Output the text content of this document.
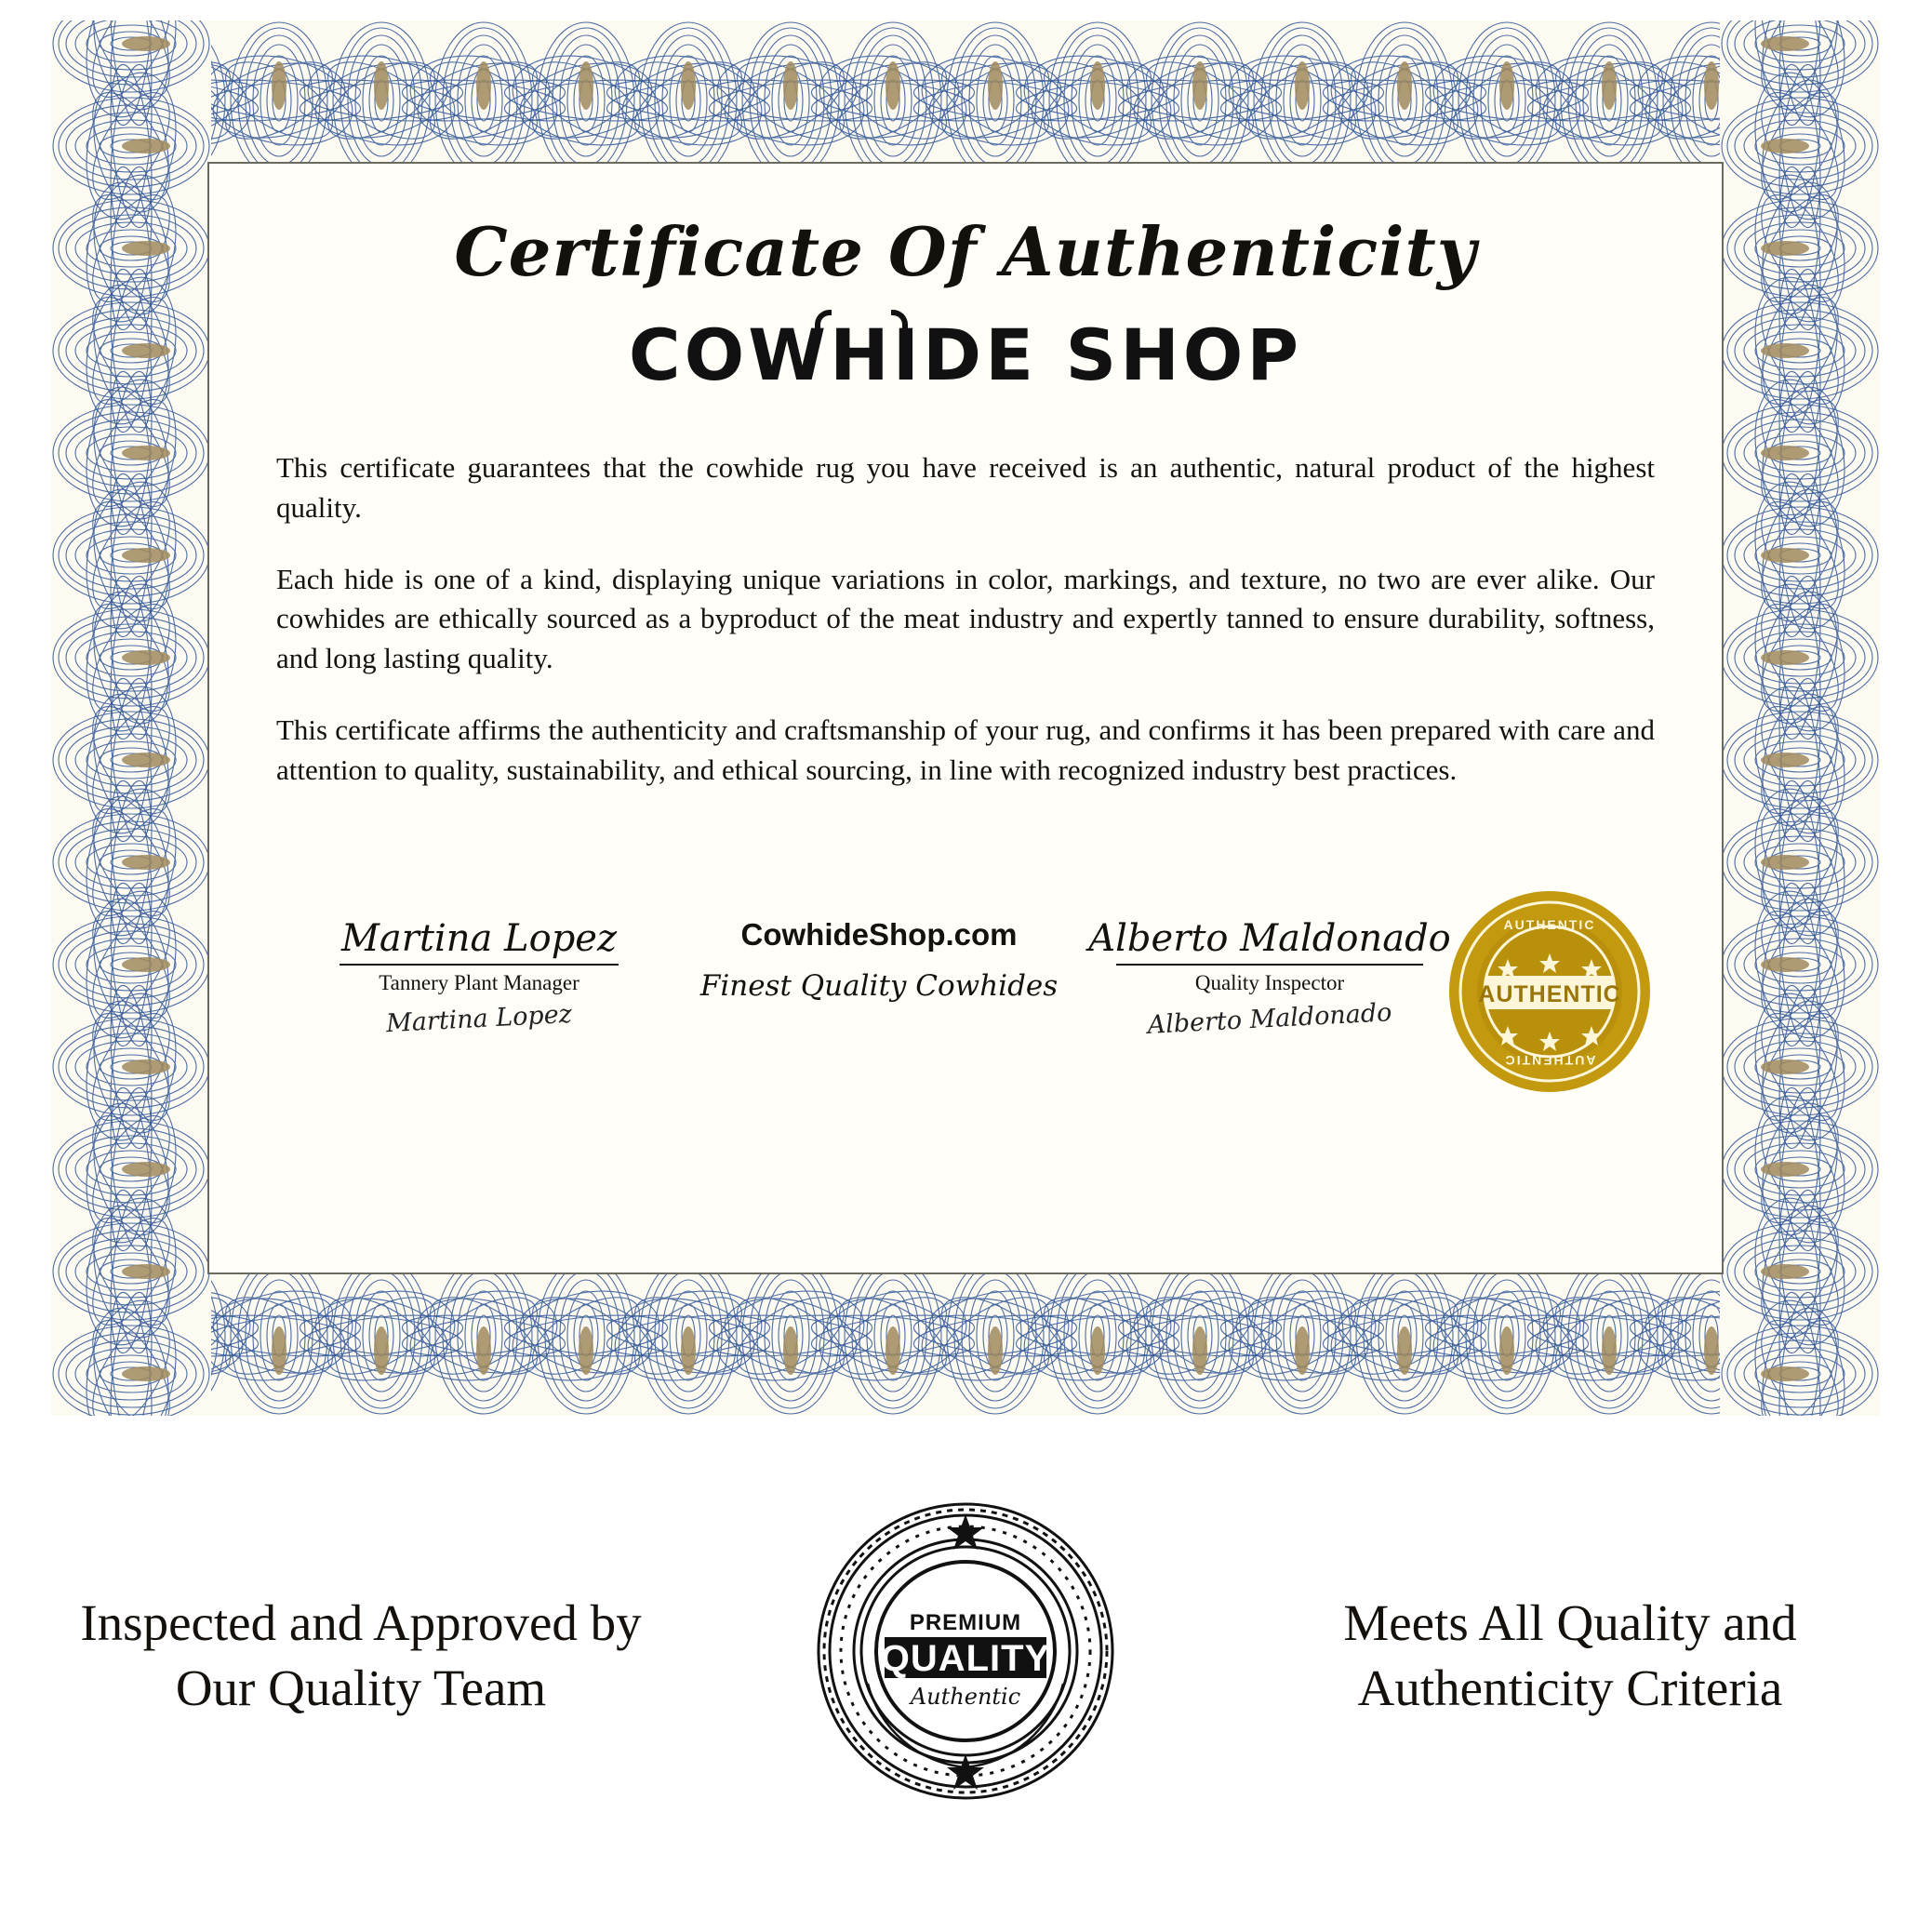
Certificate Of Authenticity
COW
HIDE SHOP

This certificate guarantees that the cowhide rug you have received is an authentic, natural product of the highest quality.

Each hide is one of a kind, displaying unique variations in color, markings, and texture, no two are ever alike. Our cowhides are ethically sourced as a byproduct of the meat industry and expertly tanned to ensure durability, softness, and long lasting quality.

This certificate affirms the authenticity and craftsmanship of your rug, and confirms it has been prepared with care and attention to quality, sustainability, and ethical sourcing, in line with recognized industry best practices.

Martina Lopez
Tannery Plant Manager
Martina Lopez
CowhideShop.com
Finest Quality Cowhides
Alberto Maldonado
Quality Inspector
Alberto Maldonado
AUTHENTIC
AUTHENTIC
AUTHENTIC
Inspected and Approved by Our Quality Team
PREMIUM
QUALITY
Authentic
Meets All Quality and Authenticity Criteria
